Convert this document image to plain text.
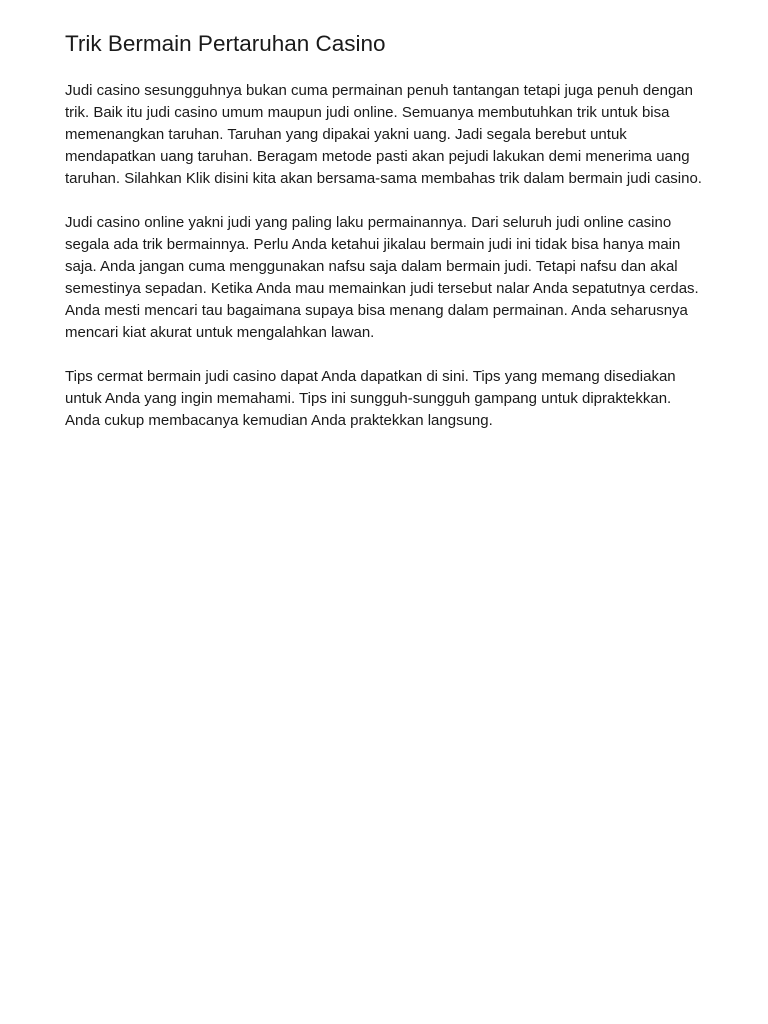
Trik Bermain Pertaruhan Casino

Judi casino sesungguhnya bukan cuma permainan penuh tantangan tetapi juga penuh dengan trik. Baik itu judi casino umum maupun judi online. Semuanya membutuhkan trik untuk bisa memenangkan taruhan. Taruhan yang dipakai yakni uang. Jadi segala berebut untuk mendapatkan uang taruhan. Beragam metode pasti akan pejudi lakukan demi menerima uang taruhan. Silahkan Klik disini kita akan bersama-sama membahas trik dalam bermain judi casino.

Judi casino online yakni judi yang paling laku permainannya. Dari seluruh judi online casino segala ada trik bermainnya. Perlu Anda ketahui jikalau bermain judi ini tidak bisa hanya main saja. Anda jangan cuma menggunakan nafsu saja dalam bermain judi. Tetapi nafsu dan akal semestinya sepadan. Ketika Anda mau memainkan judi tersebut nalar Anda sepatutnya cerdas. Anda mesti mencari tau bagaimana supaya bisa menang dalam permainan. Anda seharusnya mencari kiat akurat untuk mengalahkan lawan.

Tips cermat bermain judi casino dapat Anda dapatkan di sini. Tips yang memang disediakan untuk Anda yang ingin memahami. Tips ini sungguh-sungguh gampang untuk dipraktekkan. Anda cukup membacanya kemudian Anda praktekkan langsung.
